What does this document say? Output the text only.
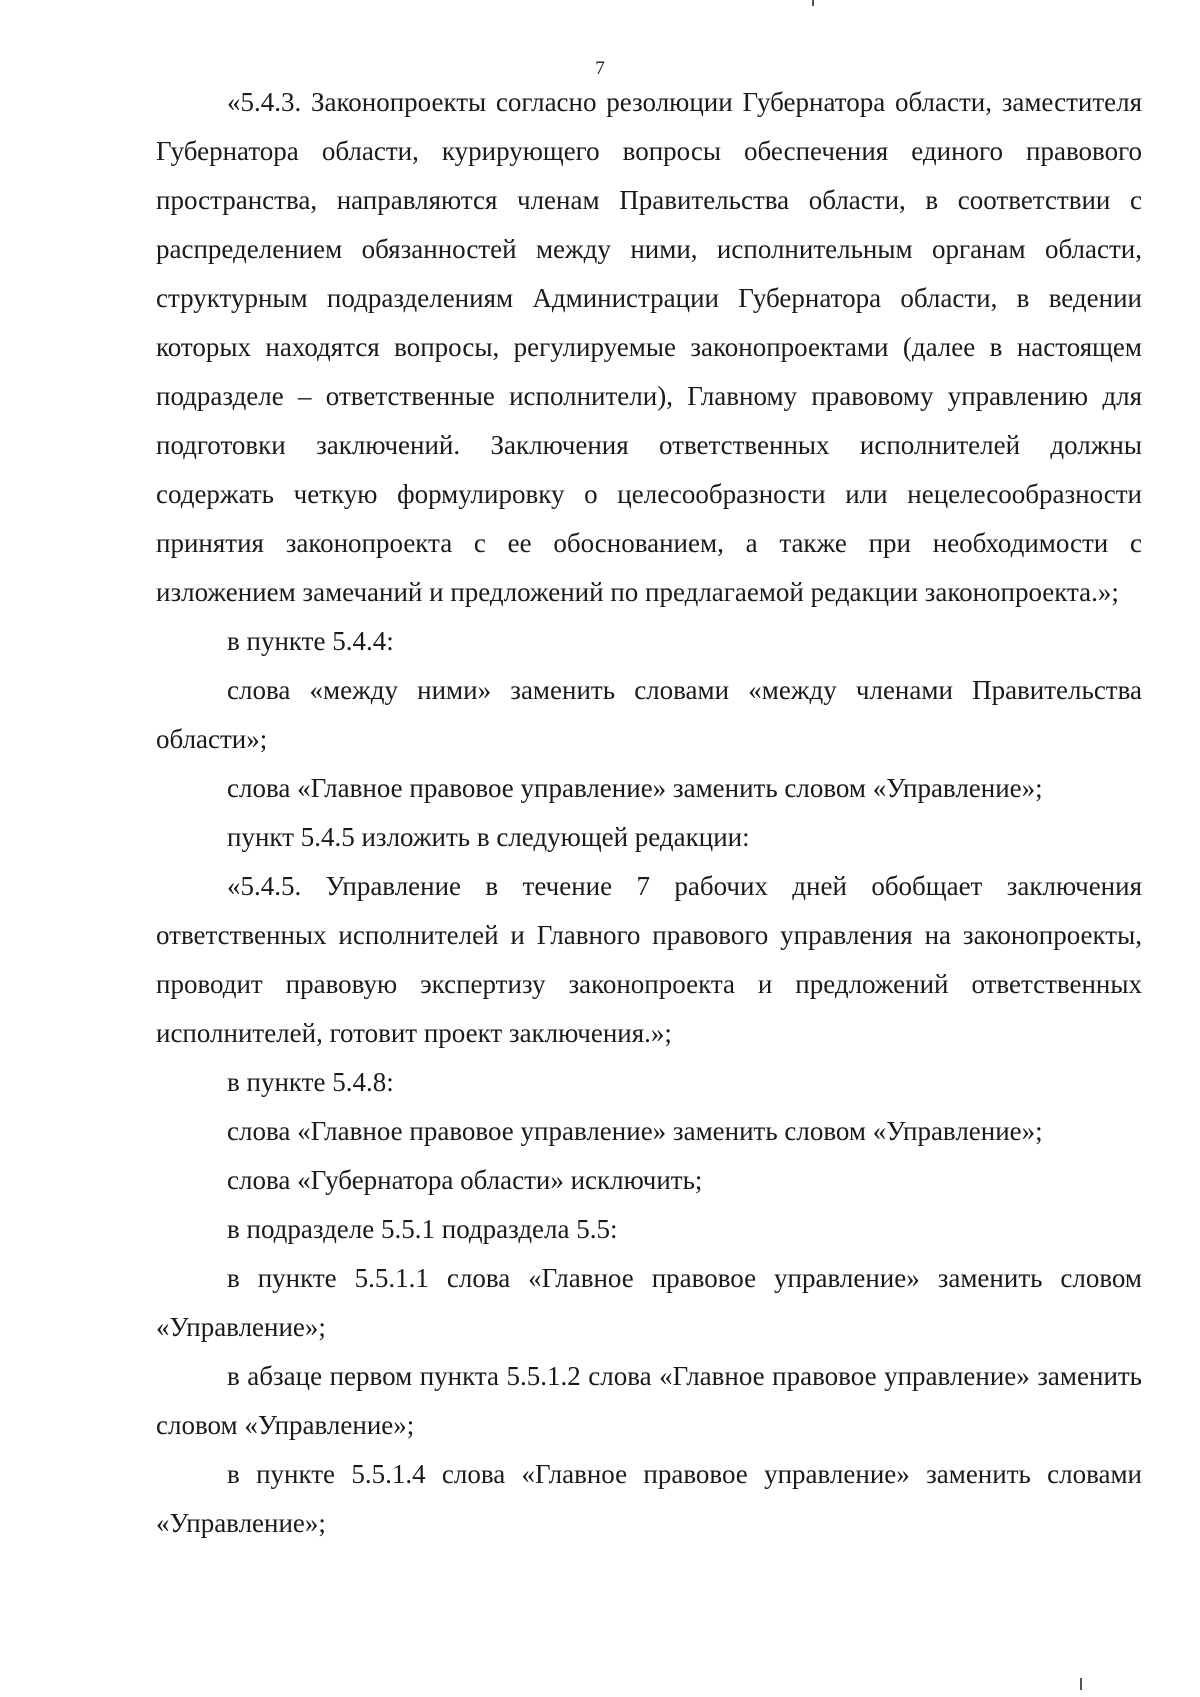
7

«5.4.3. Законопроекты согласно резолюции Губернатора области, заместителя Губернатора области, курирующего вопросы обеспечения единого правового пространства, направляются членам Правительства области, в соответствии с распределением обязанностей между ними, исполнительным органам области, структурным подразделениям Администрации Губернатора области, в ведении которых находятся вопросы, регулируемые законопроектами (далее в настоящем подразделе – ответственные исполнители), Главному правовому управлению для подготовки заключений. Заключения ответственных исполнителей должны содержать четкую формулировку о целесообразности или нецелесообразности принятия законопроекта с ее обоснованием, а также при необходимости с изложением замечаний и предложений по предлагаемой редакции законопроекта.»;

в пункте 5.4.4:

слова «между ними» заменить словами «между членами Правительства области»;

слова «Главное правовое управление» заменить словом «Управление»;

пункт 5.4.5 изложить в следующей редакции:

«5.4.5. Управление в течение 7 рабочих дней обобщает заключения ответственных исполнителей и Главного правового управления на законопроекты, проводит правовую экспертизу законопроекта и предложений ответственных исполнителей, готовит проект заключения.»;

в пункте 5.4.8:

слова «Главное правовое управление» заменить словом «Управление»;

слова «Губернатора области» исключить;

в подразделе 5.5.1 подраздела 5.5:

в пункте 5.5.1.1 слова «Главное правовое управление» заменить словом «Управление»;

в абзаце первом пункта 5.5.1.2 слова «Главное правовое управление» заменить словом «Управление»;

в пункте 5.5.1.4 слова «Главное правовое управление» заменить словами «Управление»;
